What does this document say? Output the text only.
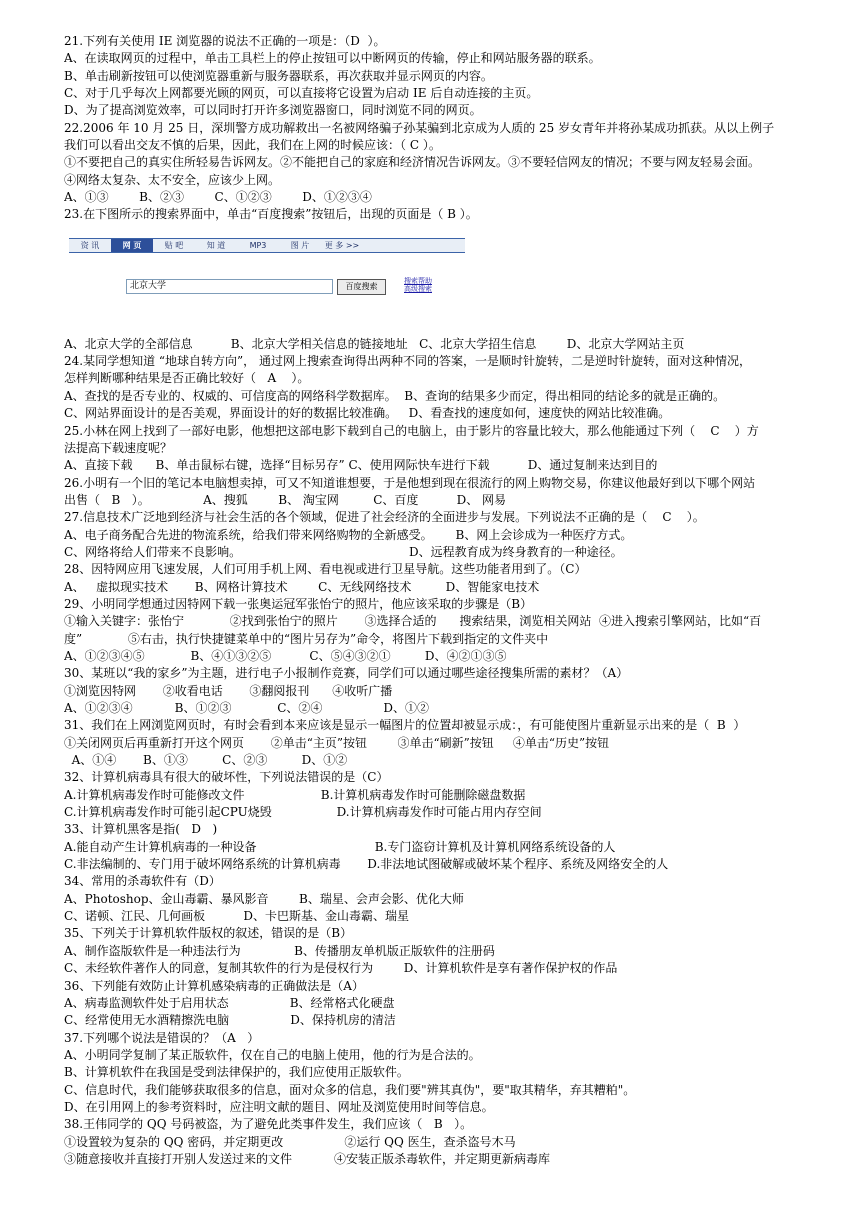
21.下列有关使用 IE 浏览器的说法不正确的一项是：（D  ）。
A、在读取网页的过程中，单击工具栏上的停止按钮可以中断网页的传输，停止和网站服务器的联系。
B、单击刷新按钮可以使浏览器重新与服务器联系，再次获取并显示网页的内容。
C、对于几乎每次上网都要光顾的网页，可以直接将它设置为启动 IE 后自动连接的主页。
D、为了提高浏览效率，可以同时打开许多浏览器窗口，同时浏览不同的网页。
22.2006 年 10 月 25 日，深圳警方成功解救出一名被网络骗子孙某骗到北京成为人质的 25 岁女青年并将孙某成功抓获。从以上例子
我们可以看出交友不慎的后果，因此，我们在上网的时候应该：（ C ）。
①不要把自己的真实住所轻易告诉网友。②不能把自己的家庭和经济情况告诉网友。③不要轻信网友的情况；不要与网友轻易会面。
④网络太复杂、太不安全，应该少上网。
A、①③        B、②③        C、①②③        D、①②③④
23.在下图所示的搜索界面中，单击“百度搜索”按钮后，出现的页面是（ B ）。
资 讯	网 页	贴 吧	知 道	MP3	图 片	更 多 >>
北京大学	百度搜索
搜索帮助
高级搜索
A、北京大学的全部信息          B、北京大学相关信息的链接地址   C、北京大学招生信息        D、北京大学网站主页
24.某同学想知道 “地球自转方向”， 通过网上搜索查询得出两种不同的答案，一是顺时针旋转，二是逆时针旋转，面对这种情况，
怎样判断哪种结果是否正确比较好（   A    ）。
A、查找的是否专业的、权威的、可信度高的网络科学数据库。  B、查询的结果多少而定，得出相同的结论多的就是正确的。
C、网站界面设计的是否美观，界面设计的好的数据比较准确。   D、看查找的速度如何，速度快的网站比较准确。
25.小林在网上找到了一部好电影，他想把这部电影下载到自己的电脑上，由于影片的容量比较大，那么他能通过下列（    C    ）方
法提高下载速度呢？
A、直接下载      B、单击鼠标右键，选择“目标另存” C、使用网际快车进行下载          D、通过复制来达到目的
26.小明有一个旧的笔记本电脑想卖掉，可又不知道谁想要，于是他想到现在很流行的网上购物交易，你建议他最好到以下哪个网站
出售（   B   ）。              A、搜狐        B、 淘宝网         C、百度          D、 网易
27.信息技术广泛地到经济与社会生活的各个领域，促进了社会经济的全面进步与发展。下列说法不正确的是（    C    ）。
A、电子商务配合先进的物流系统，给我们带来网络购物的全新感受。      B、网上会诊成为一种医疗方式。
C、网络将给人们带来不良影响。                                            D、远程教育成为终身教育的一种途径。
28、因特网应用飞速发展，人们可用手机上网、看电视或进行卫星导航。这些功能者用到了。（C）
A、   虚拟现实技术       B、网格计算技术        C、无线网络技术         D、智能家电技术
29、小明同学想通过因特网下载一张奥运冠军张怡宁的照片，他应该采取的步骤是（B）
①输入关键字：张怡宁            ②找到张怡宁的照片       ③选择合适的      搜索结果，浏览相关网站  ④进入搜索引擎网站，比如“百
度”            ⑤右击，执行快捷键菜单中的“图片另存为”命令，将图片下载到指定的文件夹中
A、①②③④⑤            B、④①③②⑤          C、⑤④③②①         D、④②①③⑤
30、某班以“我的家乡”为主题，进行电子小报制作竞赛，同学们可以通过哪些途径搜集所需的素材？（A）
①浏览因特网       ②收看电话       ③翻阅报刊      ④收听广播
A、①②③④           B、①②③            C、②④                D、①②
31、我们在上网浏览网页时，有时会看到本来应该是显示一幅图片的位置却被显示成：，有可能使图片重新显示出来的是（  B  ）
①关闭网页后再重新打开这个网页       ②单击“主页”按钮        ③单击“刷新”按钮     ④单击“历史”按钮
A、①④       B、①③         C、②③         D、①②
32、计算机病毒具有很大的破坏性，下列说法错误的是（C）
A.计算机病毒发作时可能修改文件                    B.计算机病毒发作时可能删除磁盘数据
C.计算机病毒发作时可能引起CPU烧毁                 D.计算机病毒发作时可能占用内存空间
33、计算机黑客是指(   D   )
A.能自动产生计算机病毒的一种设备                               B.专门盗窃计算机及计算机网络系统设备的人
C.非法编制的、专门用于破坏网络系统的计算机病毒       D.非法地试图破解或破坏某个程序、系统及网络安全的人
34、常用的杀毒软件有（D）
A、Photoshop、金山毒霸、暴风影音        B、瑞星、会声会影、优化大师
C、诺顿、江民、几何画板          D、卡巴斯基、金山毒霸、瑞星
35、下列关于计算机软件版权的叙述，错误的是（B）
A、制作盗版软件是一种违法行为              B、传播朋友单机版正版软件的注册码
C、未经软件著作人的同意，复制其软件的行为是侵权行为        D、计算机软件是享有著作保护权的作品
36、下列能有效防止计算机感染病毒的正确做法是（A）
A、病毒监测软件处于启用状态                B、经常格式化硬盘
C、经常使用无水酒精擦洗电脑                D、保持机房的清洁
37.下列哪个说法是错误的？（A   ）
A、小明同学复制了某正版软件，仅在自己的电脑上使用，他的行为是合法的。
B、计算机软件在我国是受到法律保护的，我们应使用正版软件。
C、信息时代，我们能够获取很多的信息，面对众多的信息，我们要"辨其真伪"，要"取其精华，弃其糟粕"。
D、在引用网上的参考资料时，应注明文献的题目、网址及浏览使用时间等信息。
38.王伟同学的 QQ 号码被盗，为了避免此类事件发生，我们应该（   B   ）。
①设置较为复杂的 QQ 密码，并定期更改                ②运行 QQ 医生，查杀盗号木马
③随意接收并直接打开别人发送过来的文件           ④安装正版杀毒软件，并定期更新病毒库
